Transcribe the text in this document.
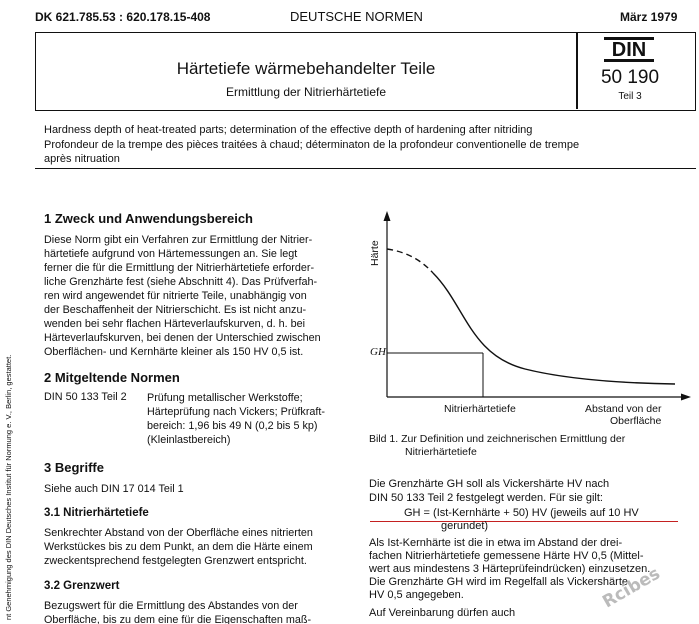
DK 621.785.53 : 620.178.15-408	DEUTSCHE NORMEN	März 1979
Härtetiefe wärmebehandelter Teile
Ermittlung der Nitrierhärtetiefe
DIN
50 190
Teil 3
Hardness depth of heat-treated parts; determination of the effective depth of hardening after nitriding
Profondeur de la trempe des pièces traitées à chaud; déterminaton de la profondeur conventionelle de trempe
après nitruation
nt Genehmigung des DIN Deutsches Institut für Normung e. V., Berlin, gestattet.
1 Zweck und Anwendungsbereich
Diese Norm gibt ein Verfahren zur Ermittlung der Nitrier-
härtetiefe aufgrund von Härtemessungen an. Sie legt
ferner die für die Ermittlung der Nitrierhärtetiefe erforder-
liche Grenzhärte fest (siehe Abschnitt 4). Das Prüfverfah-
ren wird angewendet für nitrierte Teile, unabhängig von
der Beschaffenheit der Nitrierschicht. Es ist nicht anzu-
wenden bei sehr flachen Härteverlaufskurven, d. h. bei
Härteverlaufskurven, bei denen der Unterschied zwischen
Oberflächen- und Kernhärte kleiner als 150 HV 0,5 ist.
2 Mitgeltende Normen
DIN 50 133 Teil 2 Prüfung metallischer Werkstoffe;
Härteprüfung nach Vickers; Prüfkraft-
bereich: 1,96 bis 49 N (0,2 bis 5 kp)
(Kleinlastbereich)
3 Begriffe
Siehe auch DIN 17 014 Teil 1
3.1 Nitrierhärtetiefe
Senkrechter Abstand von der Oberfläche eines nitrierten
Werkstückes bis zu dem Punkt, an dem die Härte einem
zweckentsprechend festgelegten Grenzwert entspricht.
3.2 Grenzwert
Bezugswert für die Ermittlung des Abstandes von der
Oberfläche, bis zu dem eine für die Eigenschaften maß-
Härte
GH
Nitrierhärtetiefe	Abstand von der
Oberfläche
Bild 1. Zur Definition und zeichnerischen Ermittlung der
Nitrierhärtetiefe
Die Grenzhärte GH soll als Vickershärte HV nach
DIN 50 133 Teil 2 festgelegt werden. Für sie gilt:
GH = (Ist-Kernhärte + 50) HV (jeweils auf 10 HV
gerundet)
Als Ist-Kernhärte ist die in etwa im Abstand der drei-
fachen Nitrierhärtetiefe gemessene Härte HV 0,5 (Mittel-
wert aus mindestens 3 Härteprüfeindrücken) einzusetzen.
Die Grenzhärte GH wird im Regelfall als Vickershärte
HV 0,5 angegeben.
Auf Vereinbarung dürfen auch
Rcibes
